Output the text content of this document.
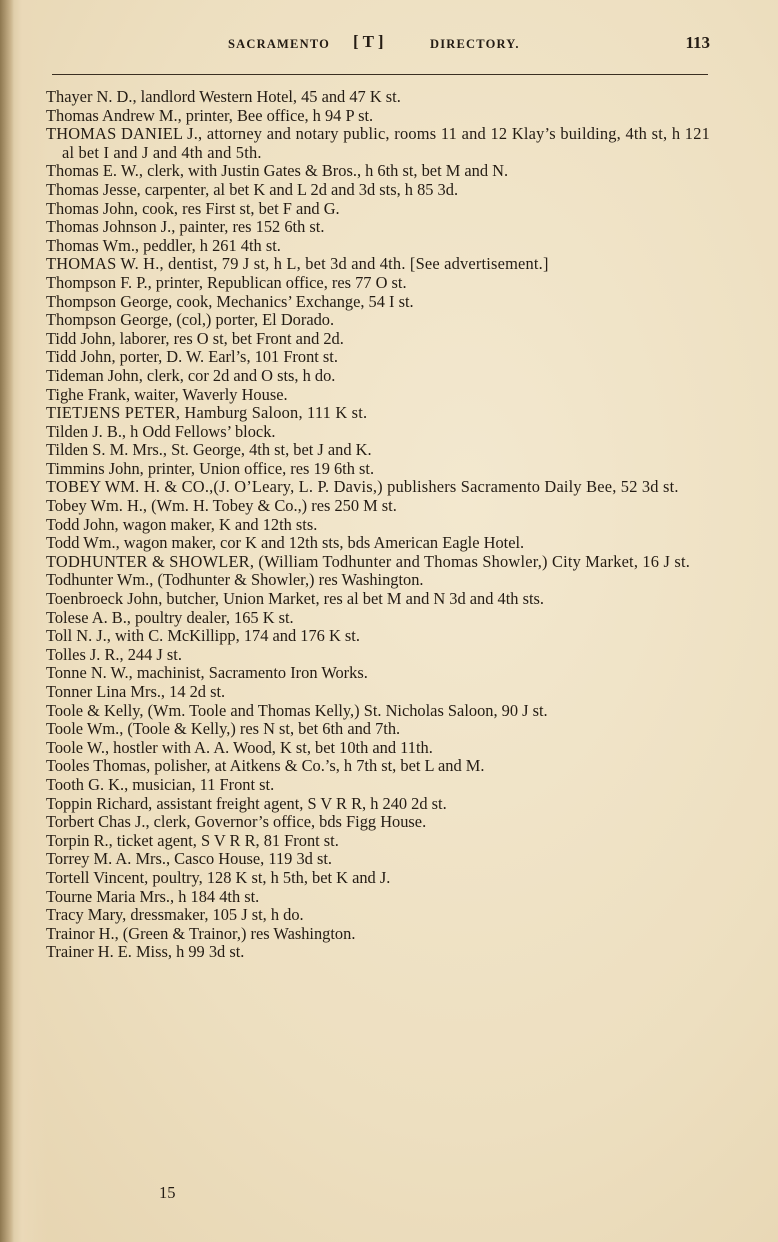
SACRAMENTO [ T ]	DIRECTORY.	113
Thayer N. D., landlord Western Hotel, 45 and 47 K st.
Thomas Andrew M., printer, Bee office, h 94 P st.
THOMAS DANIEL J., attorney and notary public, rooms 11 and 12 Klay’s building, 4th st, h 121 al bet I and J and 4th and 5th.
Thomas E. W., clerk, with Justin Gates & Bros., h 6th st, bet M and N.
Thomas Jesse, carpenter, al bet K and L 2d and 3d sts, h 85 3d.
Thomas John, cook, res First st, bet F and G.
Thomas Johnson J., painter, res 152 6th st.
Thomas Wm., peddler, h 261 4th st.
THOMAS W. H., dentist, 79 J st, h L, bet 3d and 4th. [See advertisement.]
Thompson F. P., printer, Republican office, res 77 O st.
Thompson George, cook, Mechanics’ Exchange, 54 I st.
Thompson George, (col,) porter, El Dorado.
Tidd John, laborer, res O st, bet Front and 2d.
Tidd John, porter, D. W. Earl’s, 101 Front st.
Tideman John, clerk, cor 2d and O sts, h do.
Tighe Frank, waiter, Waverly House.
TIETJENS PETER, Hamburg Saloon, 111 K st.
Tilden J. B., h Odd Fellows’ block.
Tilden S. M. Mrs., St. George, 4th st, bet J and K.
Timmins John, printer, Union office, res 19 6th st.
TOBEY WM. H. & CO.,(J. O’Leary, L. P. Davis,) publishers Sacramento Daily Bee, 52 3d st.
Tobey Wm. H., (Wm. H. Tobey & Co.,) res 250 M st.
Todd John, wagon maker, K and 12th sts.
Todd Wm., wagon maker, cor K and 12th sts, bds American Eagle Hotel.
TODHUNTER & SHOWLER, (William Todhunter and Thomas Showler,) City Market, 16 J st.
Todhunter Wm., (Todhunter & Showler,) res Washington.
Toenbroeck John, butcher, Union Market, res al bet M and N 3d and 4th sts.
Tolese A. B., poultry dealer, 165 K st.
Toll N. J., with C. McKillipp, 174 and 176 K st.
Tolles J. R., 244 J st.
Tonne N. W., machinist, Sacramento Iron Works.
Tonner Lina Mrs., 14 2d st.
Toole & Kelly, (Wm. Toole and Thomas Kelly,) St. Nicholas Saloon, 90 J st.
Toole Wm., (Toole & Kelly,) res N st, bet 6th and 7th.
Toole W., hostler with A. A. Wood, K st, bet 10th and 11th.
Tooles Thomas, polisher, at Aitkens & Co.’s, h 7th st, bet L and M.
Tooth G. K., musician, 11 Front st.
Toppin Richard, assistant freight agent, S V R R, h 240 2d st.
Torbert Chas J., clerk, Governor’s office, bds Figg House.
Torpin R., ticket agent, S V R R, 81 Front st.
Torrey M. A. Mrs., Casco House, 119 3d st.
Tortell Vincent, poultry, 128 K st, h 5th, bet K and J.
Tourne Maria Mrs., h 184 4th st.
Tracy Mary, dressmaker, 105 J st, h do.
Trainor H., (Green & Trainor,) res Washington.
Trainer H. E. Miss, h 99 3d st.
15
